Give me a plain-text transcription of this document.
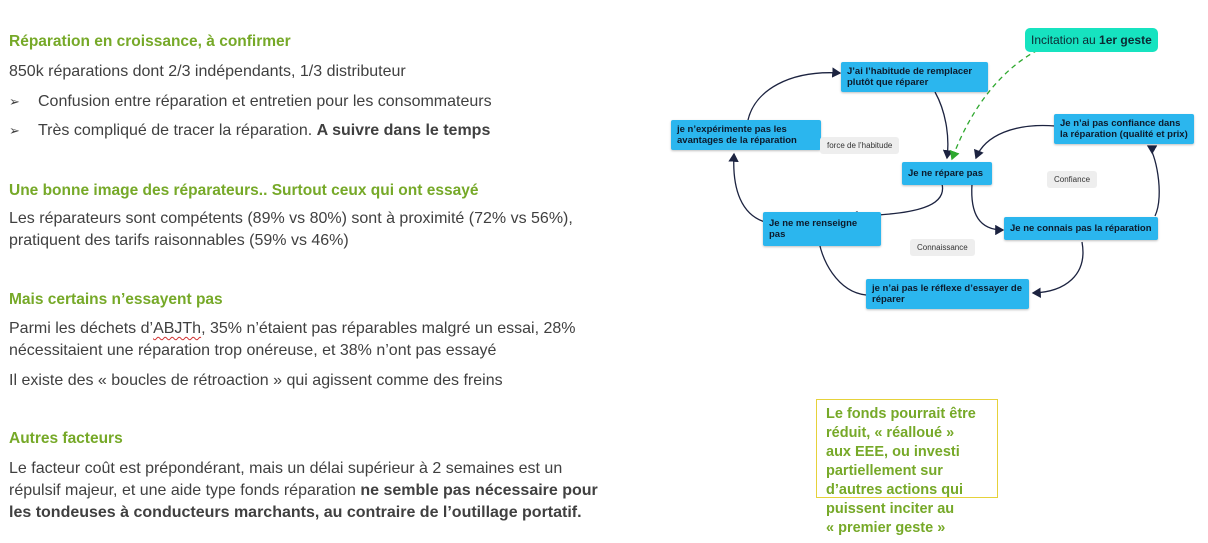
Réparation en croissance, à confirmer
850k réparations dont 2/3 indépendants, 1/3 distributeur
➢ Confusion entre réparation et entretien pour les consommateurs
➢ Très compliqué de tracer la réparation. A suivre dans le temps
Une bonne image des réparateurs.. Surtout ceux qui ont essayé
Les réparateurs sont compétents (89% vs 80%) sont à proximité (72% vs 56%),
pratiquent des tarifs raisonnables (59% vs 46%)
Mais certains n’essayent pas
Parmi les déchets d’ABJTh, 35% n’étaient pas réparables malgré un essai, 28%
nécessitaient une réparation trop onéreuse, et 38% n’ont pas essayé
Il existe des « boucles de rétroaction » qui agissent comme des freins
Autres facteurs
Le facteur coût est prépondérant, mais un délai supérieur à 2 semaines est un
répulsif majeur, et une aide type fonds réparation ne semble pas nécessaire pour
les tondeuses à conducteurs marchants, au contraire de l’outillage portatif.
Incitation au 1er geste
J’ai l’habitude de remplacer plutôt que réparer
je n’expérimente pas les avantages de la réparation	force de l’habitude
Je ne répare pas
Je n’ai pas confiance dans la réparation (qualité et prix)
Confiance
Je ne me renseigne pas
Je ne connais pas la réparation
Connaissance
je n’ai pas le réflexe d’essayer de réparer
Le fonds pourrait être réduit, « réalloué »
aux EEE, ou investi partiellement sur
d’autres actions qui puissent inciter au
« premier geste »
